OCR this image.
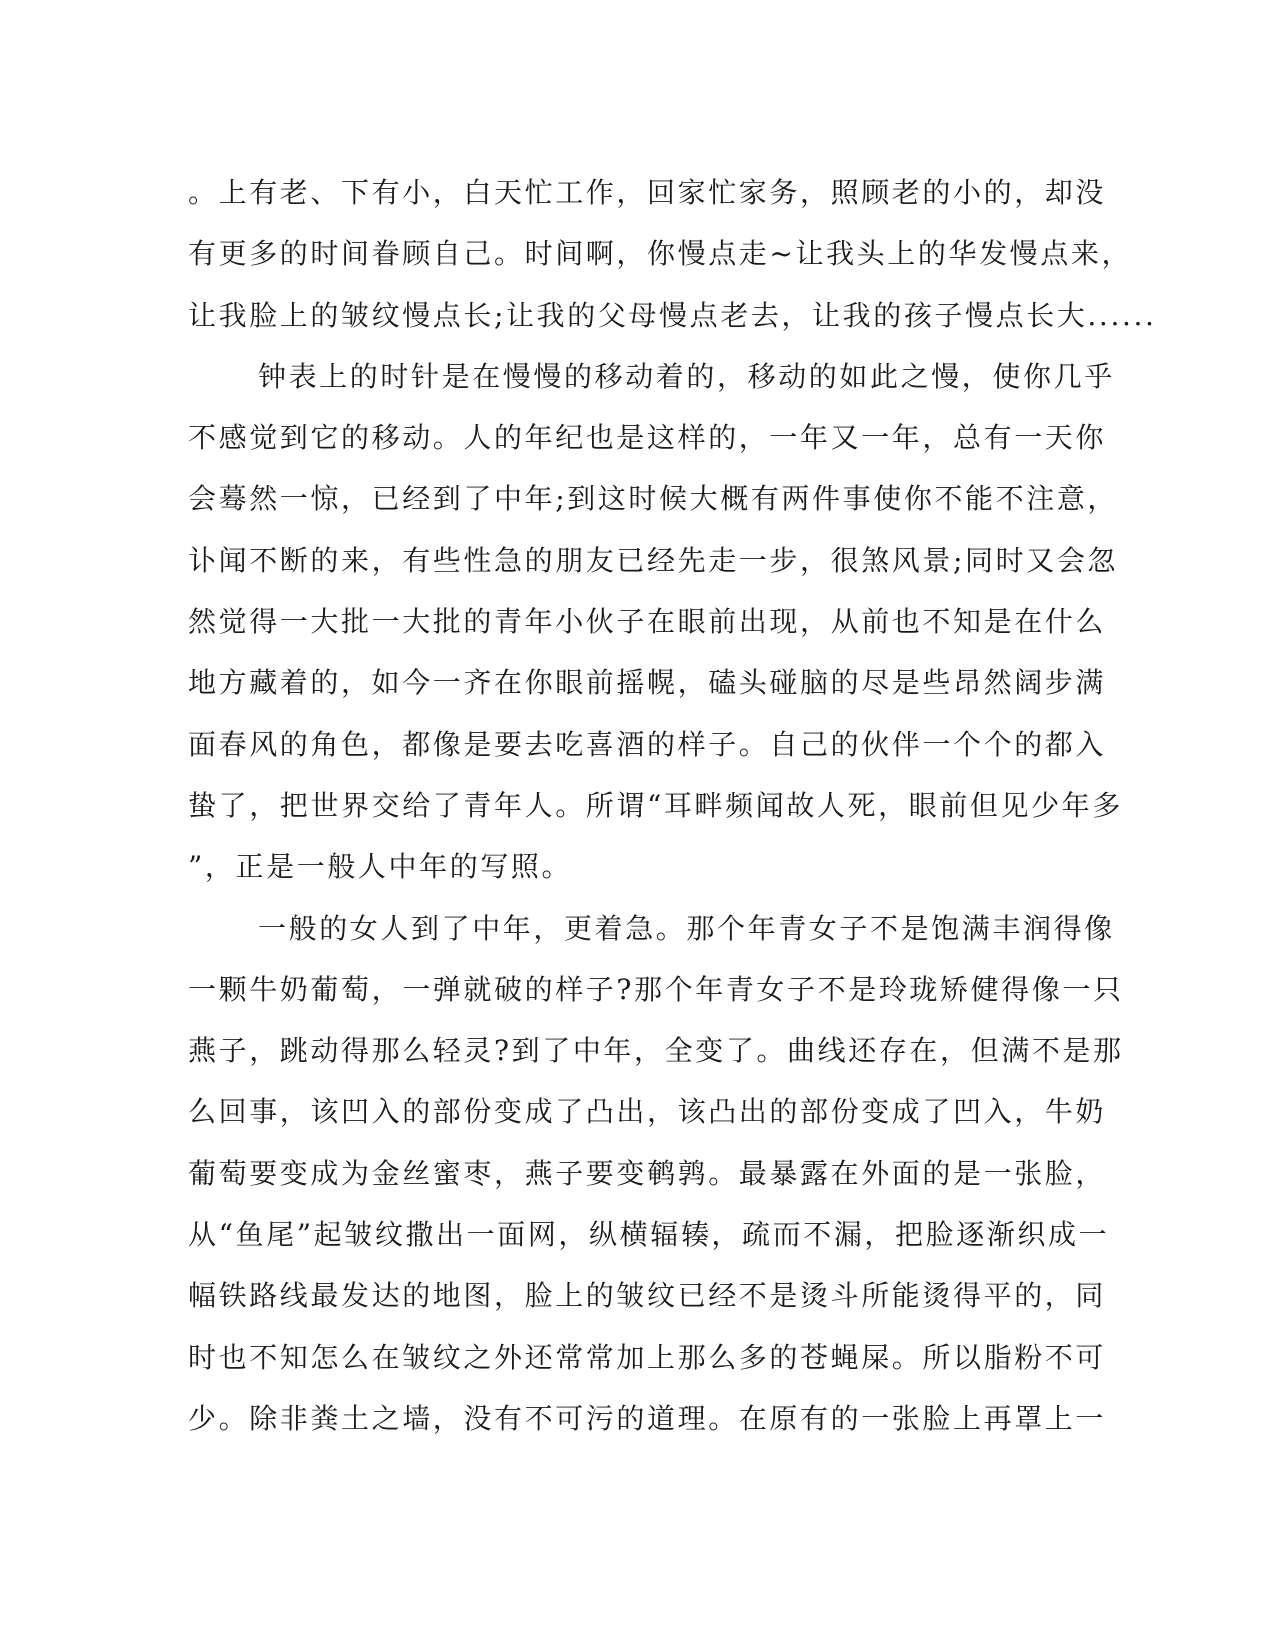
。上有老、下有小，白天忙工作，回家忙家务，照顾老的小的，却没
有更多的时间眷顾自己。时间啊，你慢点走~让我头上的华发慢点来，
让我脸上的皱纹慢点长;让我的父母慢点老去，让我的孩子慢点长大......
钟表上的时针是在慢慢的移动着的，移动的如此之慢，使你几乎
不感觉到它的移动。人的年纪也是这样的，一年又一年，总有一天你
会蓦然一惊，已经到了中年;到这时候大概有两件事使你不能不注意，
讣闻不断的来，有些性急的朋友已经先走一步，很煞风景;同时又会忽
然觉得一大批一大批的青年小伙子在眼前出现，从前也不知是在什么
地方藏着的，如今一齐在你眼前摇幌，磕头碰脑的尽是些昂然阔步满
面春风的角色，都像是要去吃喜酒的样子。自己的伙伴一个个的都入
蛰了，把世界交给了青年人。所谓“耳畔频闻故人死，眼前但见少年多
”，正是一般人中年的写照。
一般的女人到了中年，更着急。那个年青女子不是饱满丰润得像
一颗牛奶葡萄，一弹就破的样子?那个年青女子不是玲珑矫健得像一只
燕子，跳动得那么轻灵?到了中年，全变了。曲线还存在，但满不是那
么回事，该凹入的部份变成了凸出，该凸出的部份变成了凹入，牛奶
葡萄要变成为金丝蜜枣，燕子要变鹌鹑。最暴露在外面的是一张脸，
从“鱼尾”起皱纹撒出一面网，纵横辐辏，疏而不漏，把脸逐渐织成一
幅铁路线最发达的地图，脸上的皱纹已经不是烫斗所能烫得平的，同
时也不知怎么在皱纹之外还常常加上那么多的苍蝇屎。所以脂粉不可
少。除非粪土之墙，没有不可污的道理。在原有的一张脸上再罩上一
